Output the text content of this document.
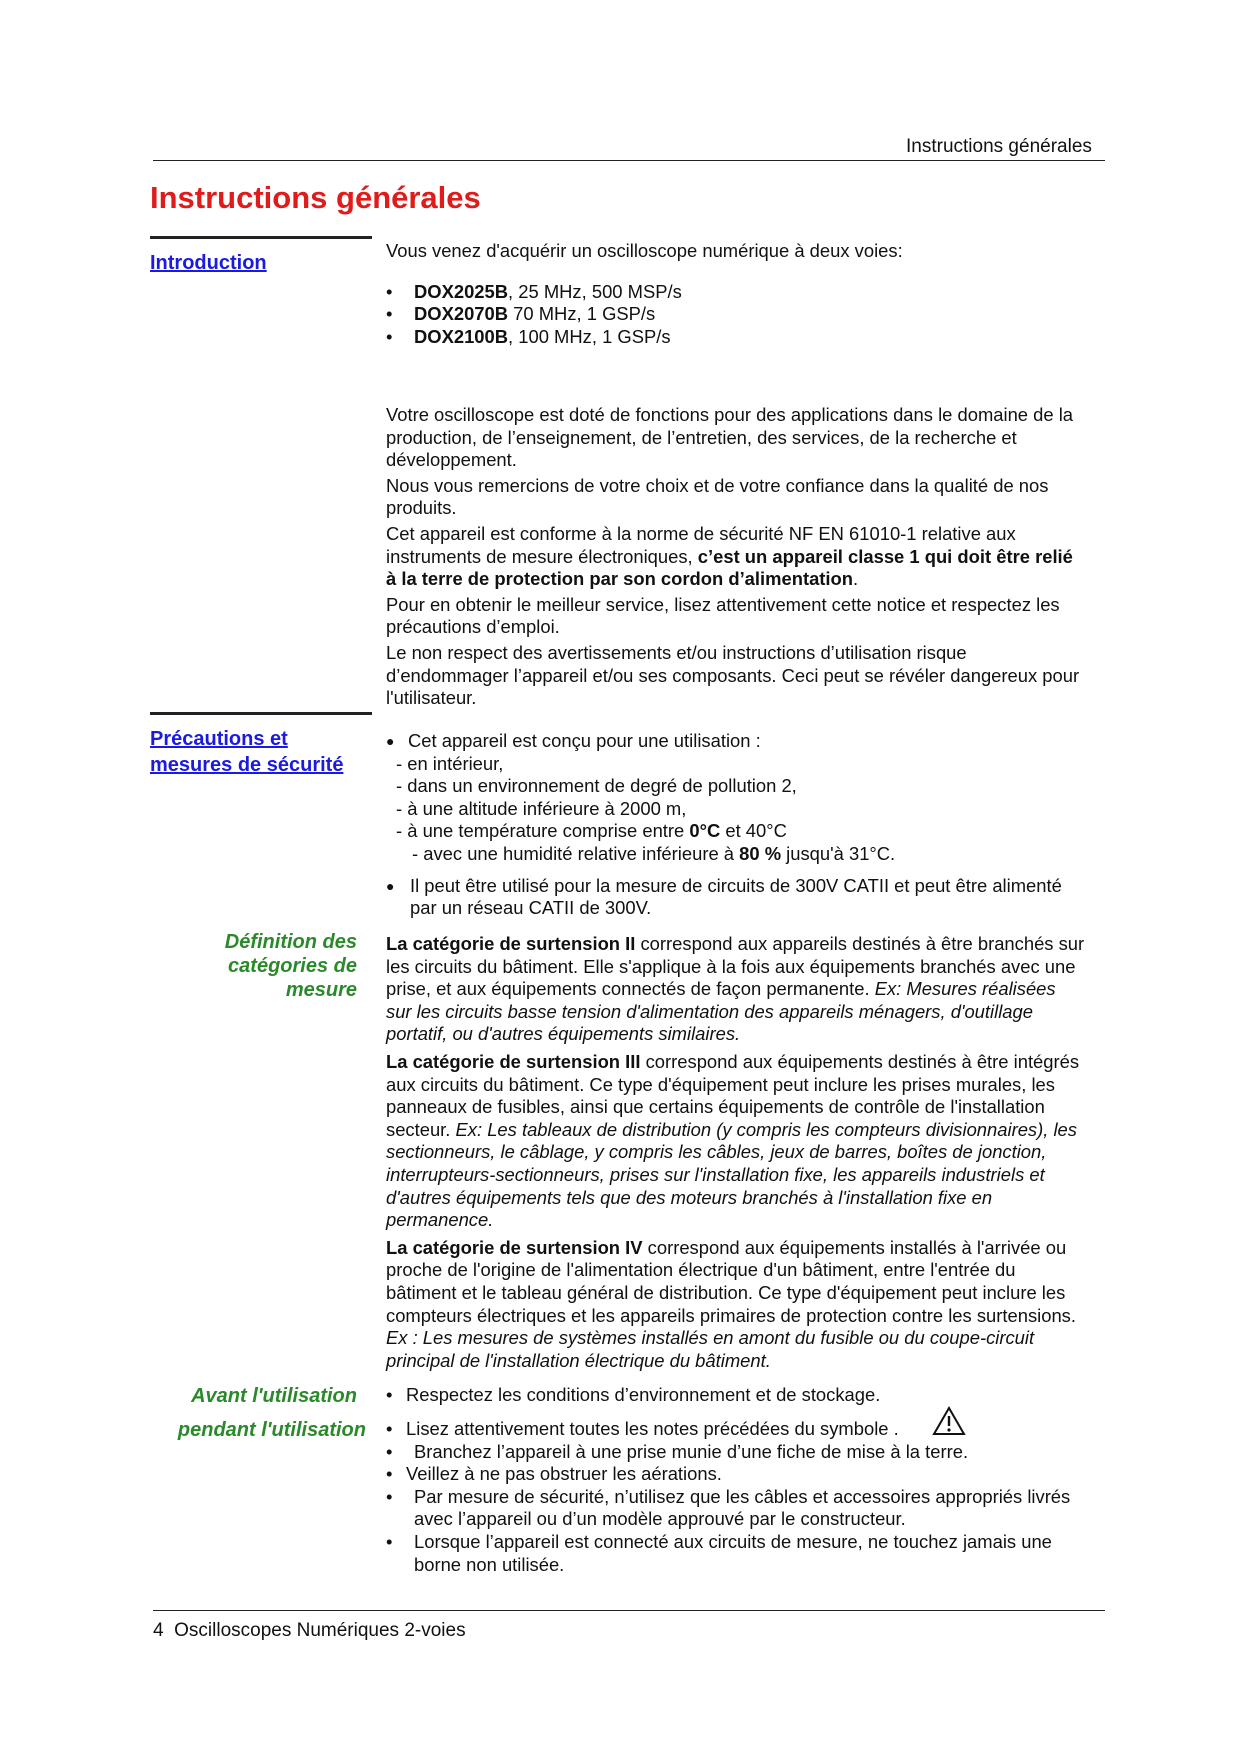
Instructions générales
Instructions générales
Introduction

Vous venez d'acquérir un oscilloscope numérique à deux voies:

• DOX2025B, 25 MHz, 500 MSP/s
• DOX2070B 70 MHz, 1 GSP/s
• DOX2100B, 100 MHz, 1 GSP/s

Votre oscilloscope est doté de fonctions pour des applications dans le domaine de la production, de l’enseignement, de l’entretien, des services, de la recherche et développement.

Nous vous remercions de votre choix et de votre confiance dans la qualité de nos produits.

Cet appareil est conforme à la norme de sécurité NF EN 61010-1 relative aux instruments de mesure électroniques, c’est un appareil classe 1 qui doit être relié à la terre de protection par son cordon d’alimentation.

Pour en obtenir le meilleur service, lisez attentivement cette notice et respectez les précautions d’emploi.

Le non respect des avertissements et/ou instructions d’utilisation risque d’endommager l’appareil et/ou ses composants. Ceci peut se révéler dangereux pour l'utilisateur.

Précautions et
mesures de sécurité
● Cet appareil est conçu pour une utilisation :
- en intérieur,
- dans un environnement de degré de pollution 2,
- à une altitude inférieure à 2000 m,
- à une température comprise entre 0°C et 40°C
- avec une humidité relative inférieure à 80 % jusqu'à 31°C.
● Il peut être utilisé pour la mesure de circuits de 300V CATII et peut être alimenté par un réseau CATII de 300V.
Définition des
catégories de
mesure

La catégorie de surtension II correspond aux appareils destinés à être branchés sur les circuits du bâtiment. Elle s'applique à la fois aux équipements branchés avec une prise, et aux équipements connectés de façon permanente. Ex: Mesures réalisées sur les circuits basse tension d'alimentation des appareils ménagers, d'outillage portatif, ou d'autres équipements similaires.

La catégorie de surtension III correspond aux équipements destinés à être intégrés aux circuits du bâtiment. Ce type d'équipement peut inclure les prises murales, les panneaux de fusibles, ainsi que certains équipements de contrôle de l'installation secteur. Ex: Les tableaux de distribution (y compris les compteurs divisionnaires), les sectionneurs, le câblage, y compris les câbles, jeux de barres, boîtes de jonction, interrupteurs-sectionneurs, prises sur l'installation fixe, les appareils industriels et d'autres équipements tels que des moteurs branchés à l'installation fixe en permanence.

La catégorie de surtension IV correspond aux équipements installés à l'arrivée ou proche de l'origine de l'alimentation électrique d'un bâtiment, entre l'entrée du bâtiment et le tableau général de distribution. Ce type d'équipement peut inclure les compteurs électriques et les appareils primaires de protection contre les surtensions. Ex : Les mesures de systèmes installés en amont du fusible ou du coupe-circuit principal de l'installation électrique du bâtiment.

Avant l'utilisation	• Respectez les conditions d’environnement et de stockage.
pendant l'utilisation	• Lisez attentivement toutes les notes précédées du symbole .
• Branchez l’appareil à une prise munie d’une fiche de mise à la terre.
• Veillez à ne pas obstruer les aérations.
• Par mesure de sécurité, n’utilisez que les câbles et accessoires appropriés livrés avec l’appareil ou d’un modèle approuvé par le constructeur.
• Lorsque l’appareil est connecté aux circuits de mesure, ne touchez jamais une borne non utilisée.
4 Oscilloscopes Numériques 2-voies
